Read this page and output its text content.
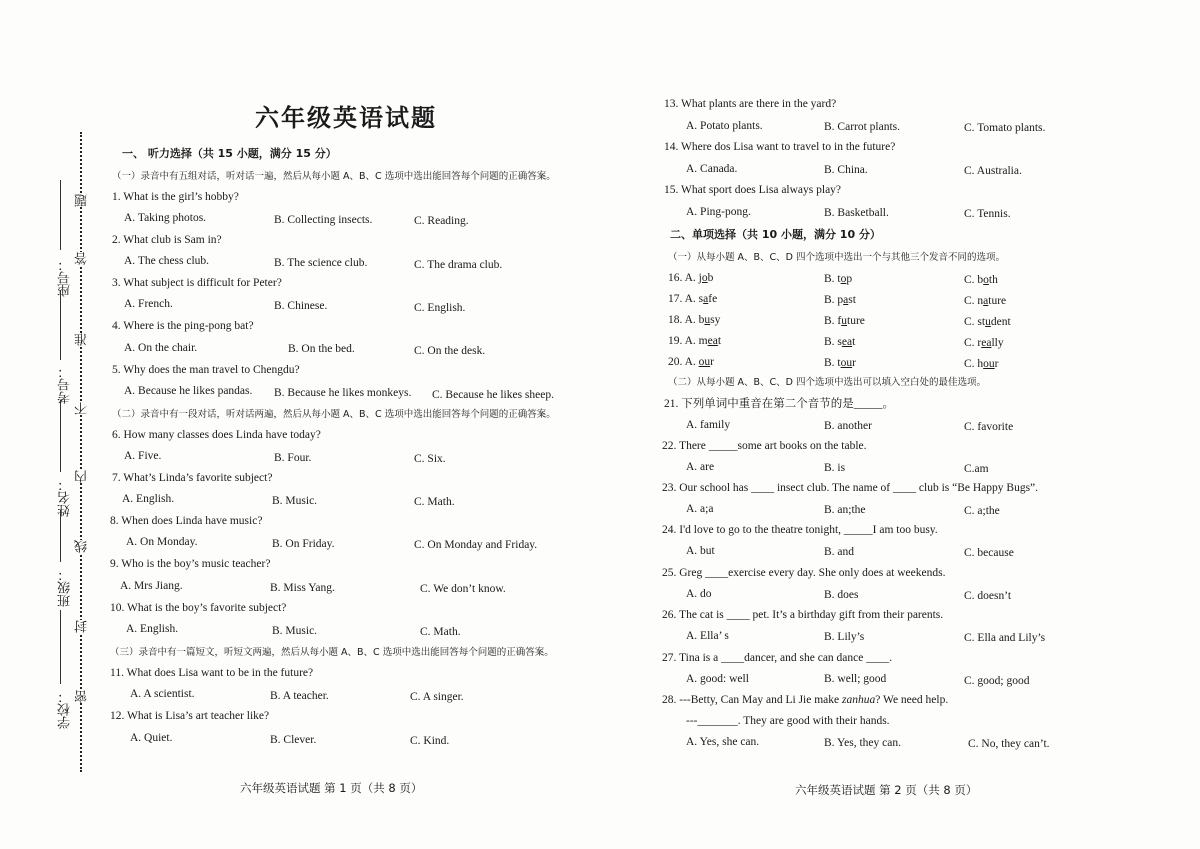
座号：
考号：
姓名：
班级：
学校：
题
答
准
不
内
线
封
密
六年级英语试题
一、 听力选择（共 15 小题，满分 15 分）
（一）录音中有五组对话，听对话一遍，然后从每小题 A、B、C 选项中选出能回答每个问题的正确答案。
1. What is the girl’s hobby?
A. Taking photos.	B. Collecting insects.	C. Reading.
2. What club is Sam in?
A. The chess club.	B. The science club.	C. The drama club.
3. What subject is difficult for Peter?
A. French.	B. Chinese.	C. English.
4. Where is the ping-pong bat?
A. On the chair.	B. On the bed.	C. On the desk.
5. Why does the man travel to Chengdu?
A. Because he likes pandas. B. Because he likes monkeys. C. Because he likes sheep.
（二）录音中有一段对话，听对话两遍，然后从每小题 A、B、C 选项中选出能回答每个问题的正确答案。
6. How many classes does Linda have today?
A. Five.	B. Four.	C. Six.
7. What’s Linda’s favorite subject?
A. English.	B. Music.	C. Math.
8. When does Linda have music?
A. On Monday.	B. On Friday.	C. On Monday and Friday.
9. Who is the boy’s music teacher?
A. Mrs Jiang.	B. Miss Yang.	C. We don’t know.
10. What is the boy’s favorite subject?
A. English.	B. Music.	C. Math.
（三）录音中有一篇短文，听短文两遍，然后从每小题 A、B、C 选项中选出能回答每个问题的正确答案。
11. What does Lisa want to be in the future?
A. A scientist.	B. A teacher.	C. A singer.
12. What is Lisa’s art teacher like?
A. Quiet.	B. Clever.	C. Kind.
六年级英语试题 第 1 页（共 8 页）
13. What plants are there in the yard?
A. Potato plants.	B. Carrot plants.	C. Tomato plants.
14. Where dos Lisa want to travel to in the future?
A. Canada.	B. China.	C. Australia.
15. What sport does Lisa always play?
A. Ping-pong.	B. Basketball.	C. Tennis.
二、单项选择（共 10 小题，满分 10 分）
（一）从每小题 A、B、C、D 四个选项中选出一个与其他三个发音不同的选项。
16. A. job	B. top	C. both
17. A. safe	B. past	C. nature
18. A. busy	B. future	C. student
19. A. meat	B. seat	C. really
20. A. our	B. tour	C. hour
（二）从每小题 A、B、C、D 四个选项中选出可以填入空白处的最佳选项。
21. 下列单词中重音在第二个音节的是_____。
A. family	B. another	C. favorite
22. There _____some art books on the table.
A. are	B. is	C.am
23. Our school has ____ insect club. The name of ____ club is “Be Happy Bugs”.
A. a;a	B. an;the	C. a;the
24. I'd love to go to the theatre tonight, _____I am too busy.
A. but	B. and	C. because
25. Greg ____exercise every day. She only does at weekends.
A. do	B. does	C. doesn’t
26. The cat is ____ pet. It’s a birthday gift from their parents.
A. Ella’ s	B. Lily’s	C. Ella and Lily’s
27. Tina is a ____dancer, and she can dance ____.
A. good: well	B. well; good	C. good; good
28. ---Betty, Can May and Li Jie make zanhua? We need help.
---_______. They are good with their hands.
A. Yes, she can.	B. Yes, they can.	C. No, they can’t.
六年级英语试题 第 2 页（共 8 页）
